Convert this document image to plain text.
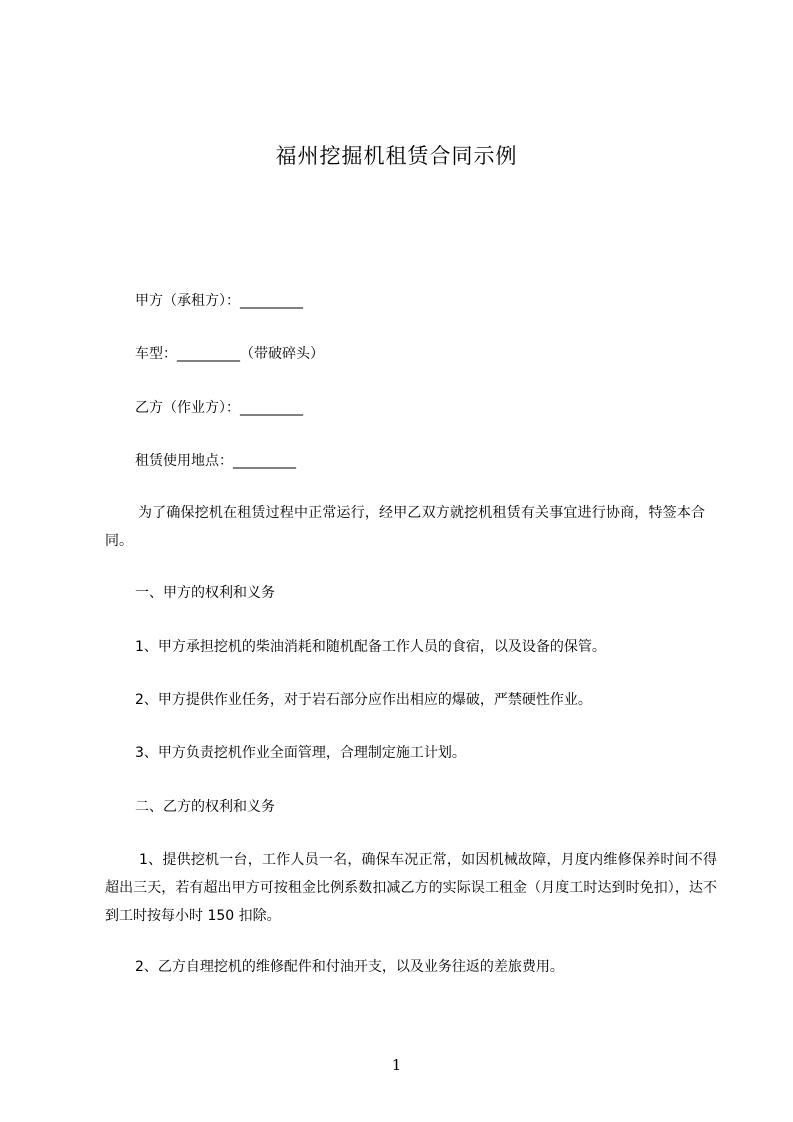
福州挖掘机租赁合同示例
甲方（承租方）：_________
车型：_________（带破碎头）
乙方（作业方）：_________
租赁使用地点：_________
为了确保挖机在租赁过程中正常运行，经甲乙双方就挖机租赁有关事宜进行协商，特签本合同。
一、甲方的权利和义务
1、甲方承担挖机的柴油消耗和随机配备工作人员的食宿，以及设备的保管。
2、甲方提供作业任务，对于岩石部分应作出相应的爆破，严禁硬性作业。
3、甲方负责挖机作业全面管理，合理制定施工计划。
二、乙方的权利和义务
1、提供挖机一台，工作人员一名，确保车况正常，如因机械故障，月度内维修保养时间不得超出三天，若有超出甲方可按租金比例系数扣减乙方的实际误工租金（月度工时达到时免扣），达不到工时按每小时 150 扣除。
2、乙方自理挖机的维修配件和付油开支，以及业务往返的差旅费用。
1
